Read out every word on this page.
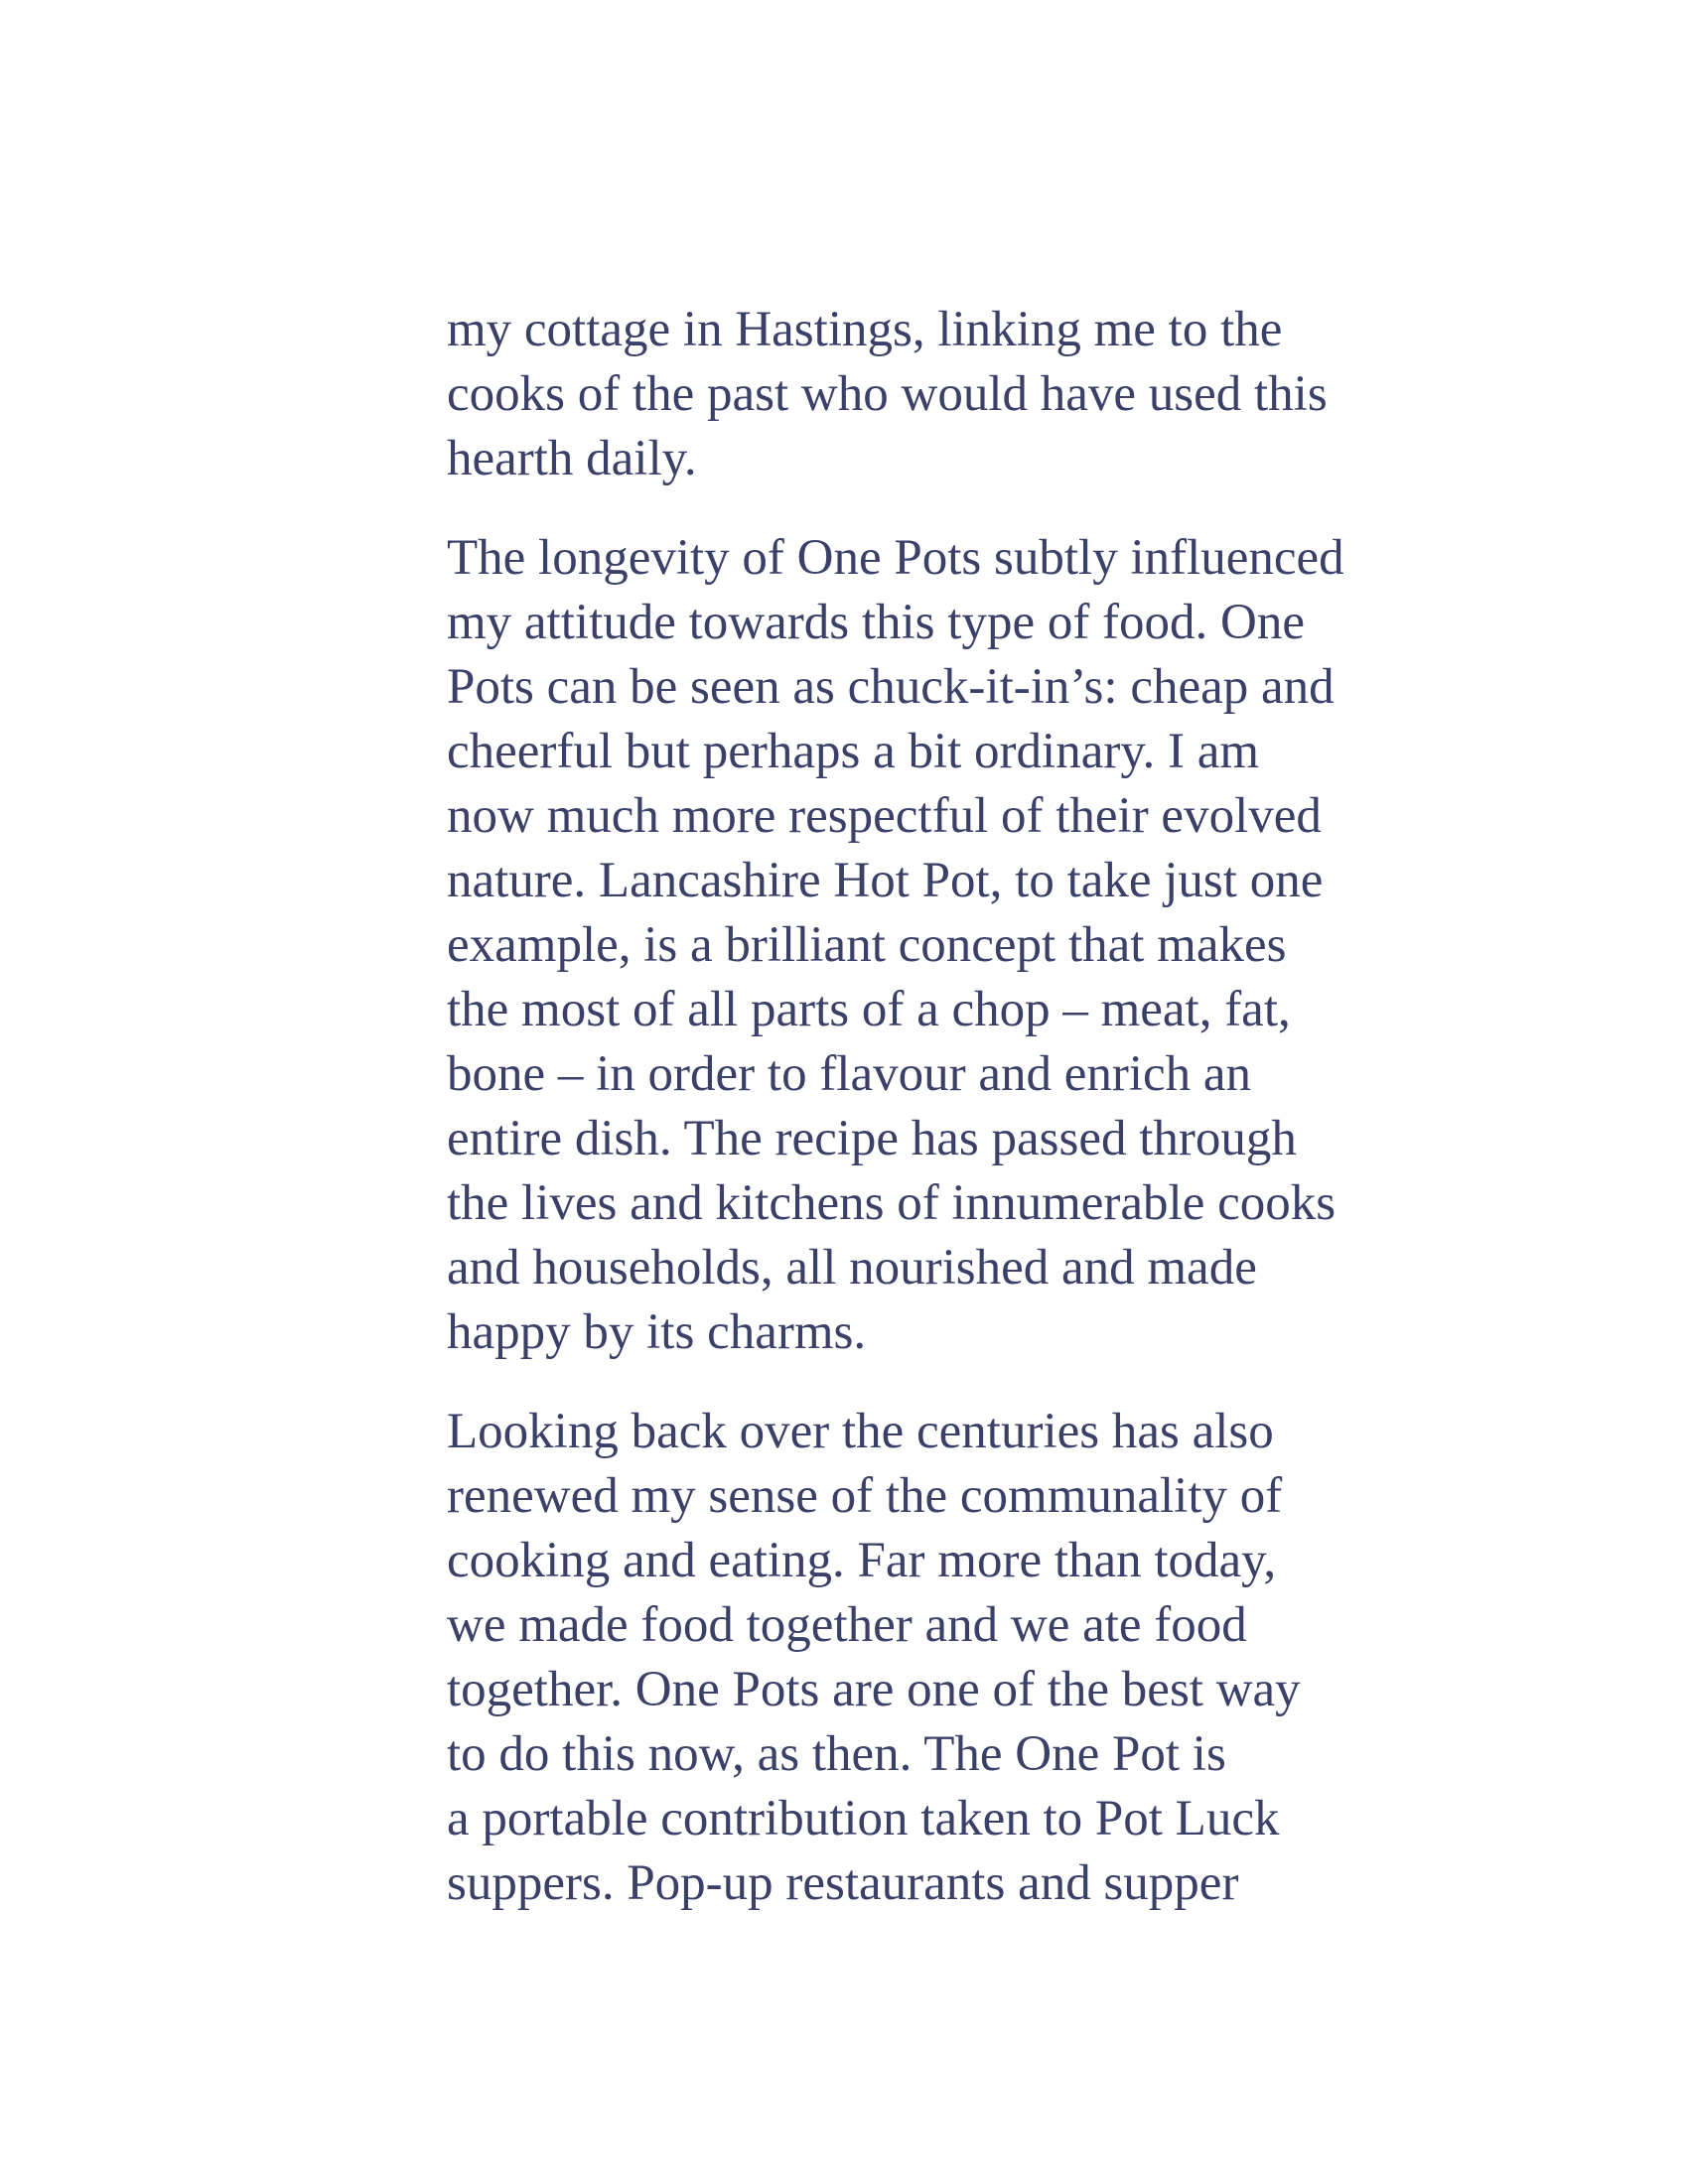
my cottage in Hastings, linking me to the
cooks of the past who would have used this
hearth daily.

The longevity of One Pots subtly influenced
my attitude towards this type of food. One
Pots can be seen as chuck-it-in’s: cheap and
cheerful but perhaps a bit ordinary. I am
now much more respectful of their evolved
nature. Lancashire Hot Pot, to take just one
example, is a brilliant concept that makes
the most of all parts of a chop – meat, fat,
bone – in order to flavour and enrich an
entire dish. The recipe has passed through
the lives and kitchens of innumerable cooks
and households, all nourished and made
happy by its charms.

Looking back over the centuries has also
renewed my sense of the communality of
cooking and eating. Far more than today,
we made food together and we ate food
together. One Pots are one of the best way
to do this now, as then. The One Pot is
a portable contribution taken to Pot Luck
suppers. Pop-up restaurants and supper
